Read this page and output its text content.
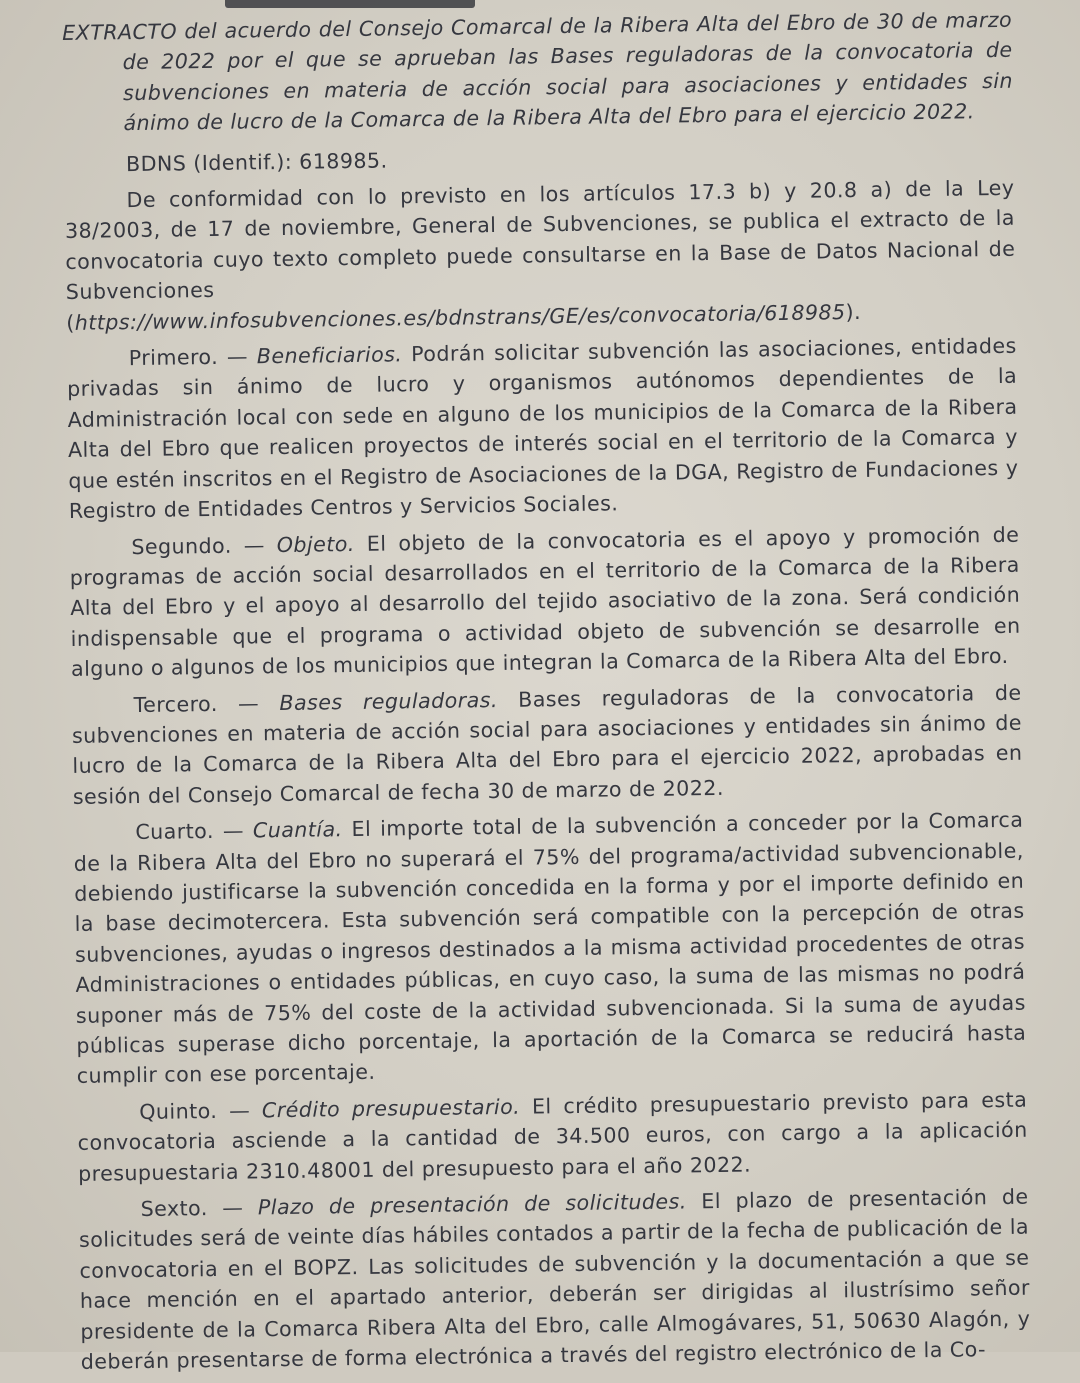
EXTRACTO del acuerdo del Consejo Comarcal de la Ribera Alta del Ebro de 30 de marzo de 2022 por el que se aprueban las Bases reguladoras de la convocatoria de subvenciones en materia de acción social para asociaciones y entidades sin ánimo de lucro de la Comarca de la Ribera Alta del Ebro para el ejercicio 2022.

BDNS (Identif.): 618985.

De conformidad con lo previsto en los artículos 17.3 b) y 20.8 a) de la Ley 38/2003, de 17 de noviembre, General de Subvenciones, se publica el extracto de la convocatoria cuyo texto completo puede consultarse en la Base de Datos Nacional de Subvenciones (https://www.infosubvenciones.es/bdnstrans/GE/es/convocatoria/618985).

Primero. — Beneficiarios. Podrán solicitar subvención las asociaciones, entidades privadas sin ánimo de lucro y organismos autónomos dependientes de la Administración local con sede en alguno de los municipios de la Comarca de la Ribera Alta del Ebro que realicen proyectos de interés social en el territorio de la Comarca y que estén inscritos en el Registro de Asociaciones de la DGA, Registro de Fundaciones y Registro de Entidades Centros y Servicios Sociales.

Segundo. — Objeto. El objeto de la convocatoria es el apoyo y promoción de programas de acción social desarrollados en el territorio de la Comarca de la Ribera Alta del Ebro y el apoyo al desarrollo del tejido asociativo de la zona. Será condición indispensable que el programa o actividad objeto de subvención se desarrolle en alguno o algunos de los municipios que integran la Comarca de la Ribera Alta del Ebro.

Tercero. — Bases reguladoras. Bases reguladoras de la convocatoria de subvenciones en materia de acción social para asociaciones y entidades sin ánimo de lucro de la Comarca de la Ribera Alta del Ebro para el ejercicio 2022, aprobadas en sesión del Consejo Comarcal de fecha 30 de marzo de 2022.

Cuarto. — Cuantía. El importe total de la subvención a conceder por la Comarca de la Ribera Alta del Ebro no superará el 75% del programa/actividad subvencionable, debiendo justificarse la subvención concedida en la forma y por el importe definido en la base decimotercera. Esta subvención será compatible con la percepción de otras subvenciones, ayudas o ingresos destinados a la misma actividad procedentes de otras Administraciones o entidades públicas, en cuyo caso, la suma de las mismas no podrá suponer más de 75% del coste de la actividad subvencionada. Si la suma de ayudas públicas superase dicho porcentaje, la aportación de la Comarca se reducirá hasta cumplir con ese porcentaje.

Quinto. — Crédito presupuestario. El crédito presupuestario previsto para esta convocatoria asciende a la cantidad de 34.500 euros, con cargo a la aplicación presupuestaria 2310.48001 del presupuesto para el año 2022.

Sexto. — Plazo de presentación de solicitudes. El plazo de presentación de solicitudes será de veinte días hábiles contados a partir de la fecha de publicación de la convocatoria en el BOPZ. Las solicitudes de subvención y la documentación a que se hace mención en el apartado anterior, deberán ser dirigidas al ilustrísimo señor presidente de la Comarca Ribera Alta del Ebro, calle Almogávares, 51, 50630 Alagón, y deberán presentarse de forma electrónica a través del registro electrónico de la Co-
